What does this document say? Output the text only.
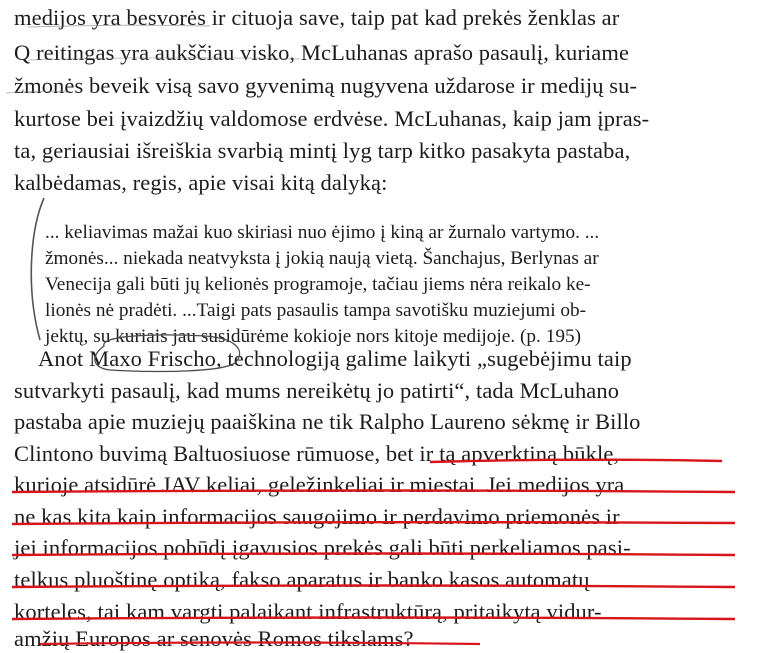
medijos yra besvorės ir cituoja save, taip pat kad prekės ženklas ar
Q reitingas yra aukščiau visko, McLuhanas aprašo pasaulį, kuriame
žmonės beveik visą savo gyvenimą nugyvena uždarose ir medijų su-
kurtose bei įvaizdžių valdomose erdvėse. McLuhanas, kaip jam įpras-
ta, geriausiai išreiškia svarbią mintį lyg tarp kitko pasakyta pastaba,
kalbėdamas, regis, apie visai kitą dalyką:
... keliavimas mažai kuo skiriasi nuo ėjimo į kiną ar žurnalo vartymo. ...
žmonės... niekada neatvyksta į jokią naują vietą. Šanchajus, Berlynas ar
Venecija gali būti jų kelionės programoje, tačiau jiems nėra reikalo ke-
lionės nė pradėti. ...Taigi pats pasaulis tampa savotišku muziejumi ob-
jektų, su kuriais jau susidūrėme kokioje nors kitoje medijoje. (p. 195)
Anot Maxo Frischo, technologiją galime laikyti „sugebėjimu taip
sutvarkyti pasaulį, kad mums nereikėtų jo patirti“, tada McLuhano
pastaba apie muziejų paaiškina ne tik Ralpho Laureno sėkmę ir Billo
Clintono buvimą Baltuosiuose rūmuose, bet ir tą apverktiną būklę,
kurioje atsidūrė JAV keliai, geležinkeliai ir miestai. Jei medijos yra
ne kas kita kaip informacijos saugojimo ir perdavimo priemonės ir
jei informacijos pobūdį įgavusios prekės gali būti perkeliamos pasi-
telkus pluoštinę optiką, fakso aparatus ir banko kasos automatų
korteles, tai kam vargti palaikant infrastruktūrą, pritaikytą vidur-
amžių Europos ar senovės Romos tikslams?
